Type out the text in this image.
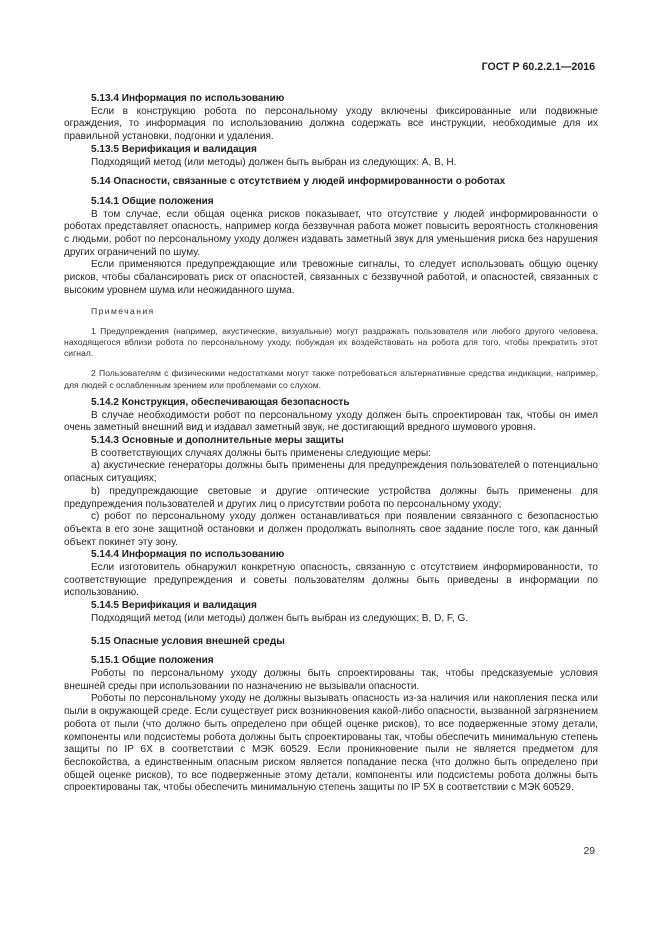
ГОСТ Р 60.2.2.1—2016
5.13.4 Информация по использованию

Если в конструкцию робота по персональному уходу включены фиксированные или подвижные ограждения, то информация по использованию должна содержать все инструкции, необходимые для их правильной установки, подгонки и удаления.

5.13.5 Верификация и валидация

Подходящий метод (или методы) должен быть выбран из следующих: А, В, Н.

5.14 Опасности, связанные с отсутствием у людей информированности о роботах
5.14.1 Общие положения

В том случае, если общая оценка рисков показывает, что отсутствие у людей информированности о роботах представляет опасность, например когда беззвучная работа может повысить вероятность столкновения с людьми, робот по персональному уходу должен издавать заметный звук для уменьшения риска без нарушения других ограничений по шуму.

Если применяются предупреждающие или тревожные сигналы, то следует использовать общую оценку рисков, чтобы сбалансировать риск от опасностей, связанных с беззвучной работой, и опасностей, связанных с высоким уровнем шума или неожиданного шума.

Примечания

1 Предупреждения (например, акустические, визуальные) могут раздражать пользователя или любого другого человека, находящегося вблизи робота по персональному уходу, побуждая их воздействовать на робота для того, чтобы прекратить этот сигнал.

2 Пользователям с физическими недостатками могут также потребоваться альтернативные средства индикации, например, для людей с ослабленным зрением или проблемами со слухом.

5.14.2 Конструкция, обеспечивающая безопасность

В случае необходимости робот по персональному уходу должен быть спроектирован так, чтобы он имел очень заметный внешний вид и издавал заметный звук, не достигающий вредного шумового уровня.

5.14.3 Основные и дополнительные меры защиты

В соответствующих случаях должны быть применены следующие меры:

а) акустические генераторы должны быть применены для предупреждения пользователей о потенциально опасных ситуациях;

b) предупреждающие световые и другие оптические устройства должны быть применены для предупреждения пользователей и других лиц о присутствии робота по персональному уходу;

с) робот по персональному уходу должен останавливаться при появлении связанного с безопасностью объекта в его зоне защитной остановки и должен продолжать выполнять свое задание после того, как данный объект покинет эту зону.

5.14.4 Информация по использованию

Если изготовитель обнаружил конкретную опасность, связанную с отсутствием информированности, то соответствующие предупреждения и советы пользователям должны быть приведены в информации по использованию.

5.14.5 Верификация и валидация

Подходящий метод (или методы) должен быть выбран из следующих: В, D, F, G.

5.15 Опасные условия внешней среды
5.15.1 Общие положения

Роботы по персональному уходу должны быть спроектированы так, чтобы предсказуемые условия внешней среды при использовании по назначению не вызывали опасности.

Роботы по персональному уходу не должны вызывать опасность из-за наличия или накопления песка или пыли в окружающей среде. Если существует риск возникновения какой-либо опасности, вызванной загрязнением робота от пыли (что должно быть определено при общей оценке рисков), то все подверженные этому детали, компоненты или подсистемы робота должны быть спроектированы так, чтобы обеспечить минимальную степень защиты по IP 6X в соответствии с МЭК 60529. Если проникновение пыли не является предметом для беспокойства, а единственным опасным риском является попадание песка (что должно быть определено при общей оценке рисков), то все подверженные этому детали, компоненты или подсистемы робота должны быть спроектированы так, чтобы обеспечить минимальную степень защиты по IP 5X в соответствии с МЭК 60529.

29
